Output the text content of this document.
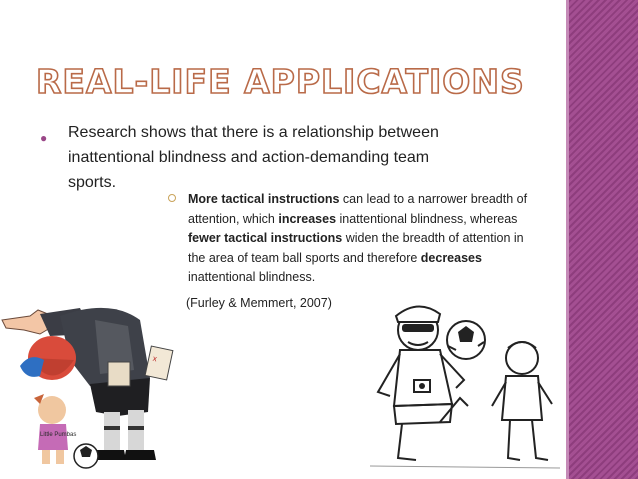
REAL-LIFE APPLICATIONS
● Research shows that there is a relationship between inattentional blindness and action-demanding team sports.
More tactical instructions can lead to a narrower breadth of attention, which increases inattentional blindness, whereas fewer tactical instructions widen the breadth of attention in the area of team ball sports and therefore decreases inattentional blindness.
(Furley & Memmert, 2007)
x
Little Pumbas
